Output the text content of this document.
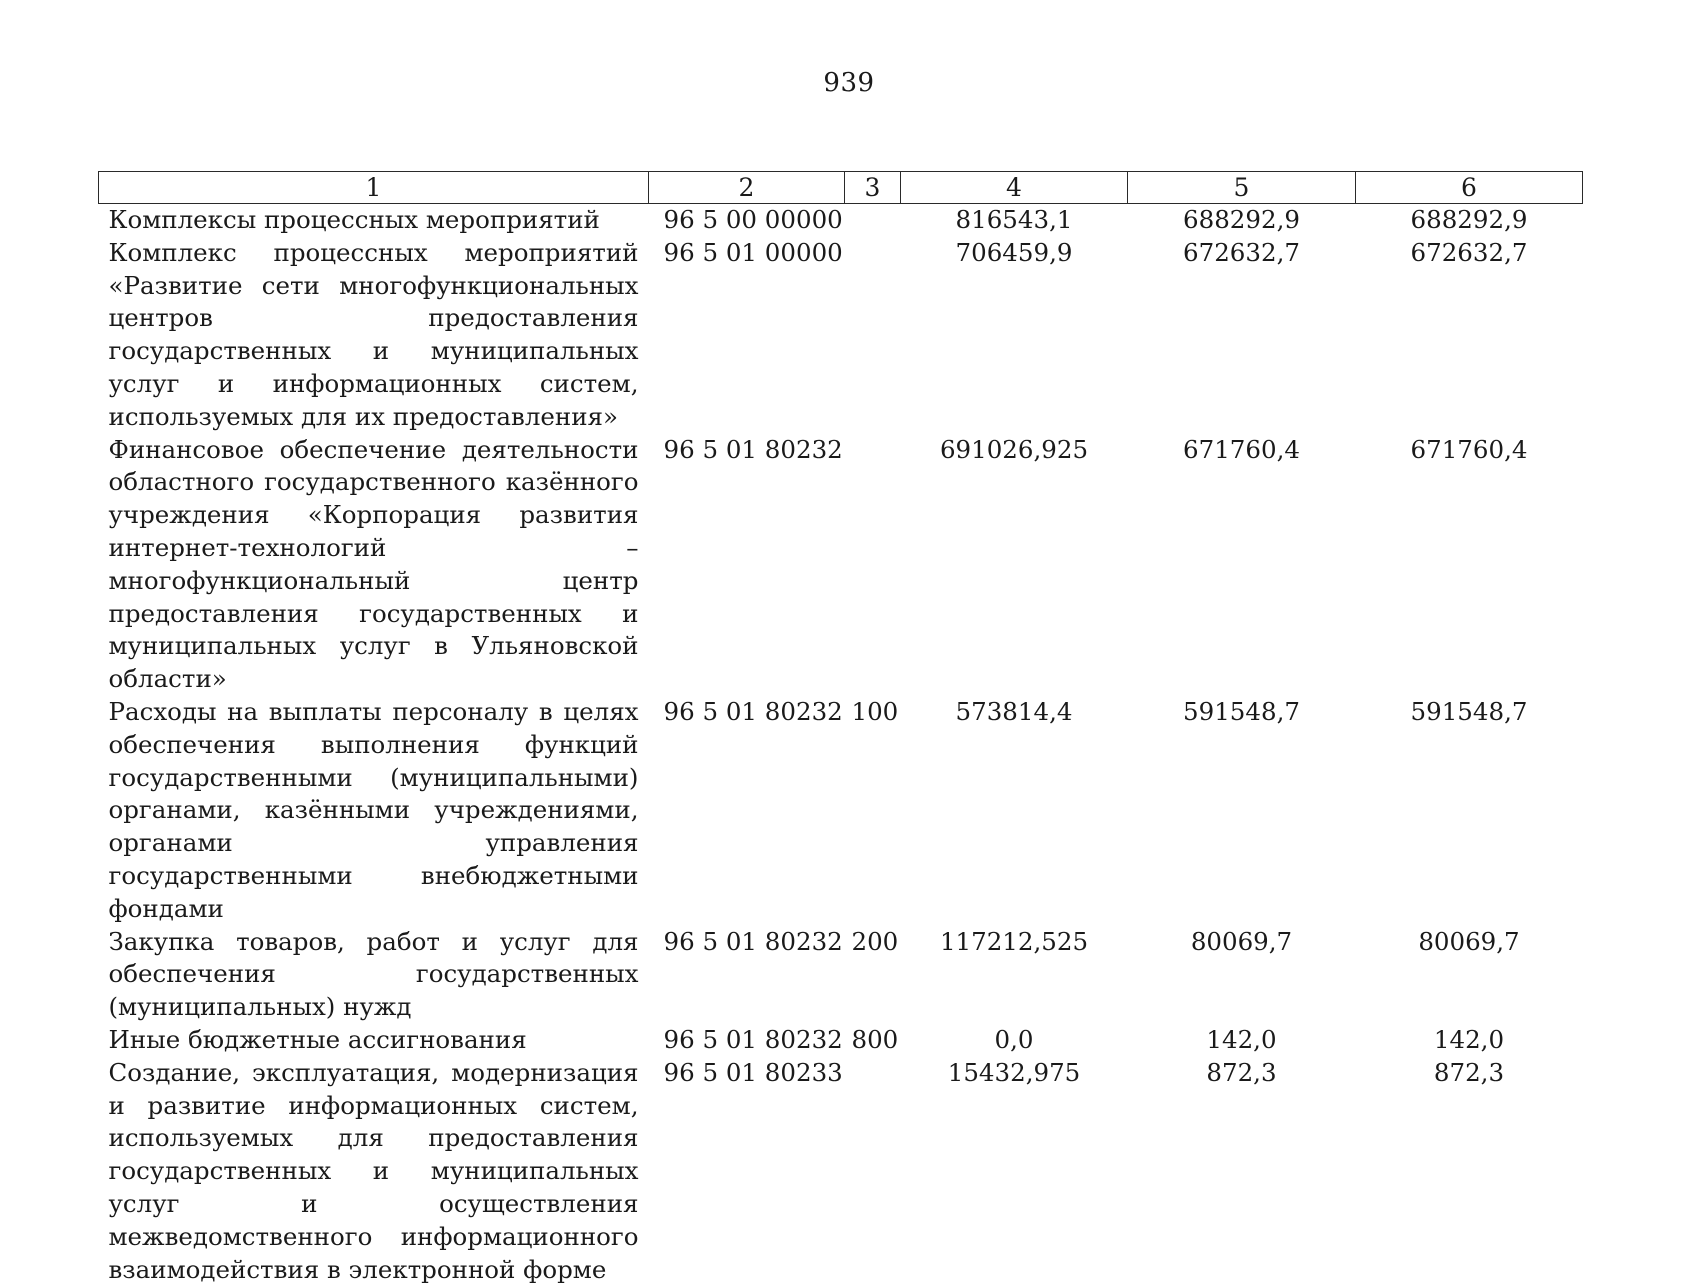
939
1	2	3	4	5	6
Комплексы процессных мероприятий	96 5 00 00000		816543,1	688292,9	688292,9
Комплекс процессных мероприятий «Развитие сети многофункциональных центров предоставления государственных и муниципальных услуг и информационных систем, используемых для их предоставления»	96 5 01 00000		706459,9	672632,7	672632,7
Финансовое обеспечение деятельности областного государственного казённого учреждения «Корпорация развития интернет-технологий – многофункциональный центр предоставления государственных и муниципальных услуг в Ульяновской области»	96 5 01 80232		691026,925	671760,4	671760,4
Расходы на выплаты персоналу в целях обеспечения выполнения функций государственными (муниципальными) органами, казёнными учреждениями, органами управления государственными внебюджетными фондами	96 5 01 80232	100	573814,4	591548,7	591548,7
Закупка товаров, работ и услуг для обеспечения государственных (муниципальных) нужд	96 5 01 80232	200	117212,525	80069,7	80069,7
Иные бюджетные ассигнования	96 5 01 80232	800	0,0	142,0	142,0
Создание, эксплуатация, модернизация и развитие информационных систем, используемых для предоставления государственных и муниципальных услуг и осуществления межведомственного информационного взаимодействия в электронной форме	96 5 01 80233		15432,975	872,3	872,3
